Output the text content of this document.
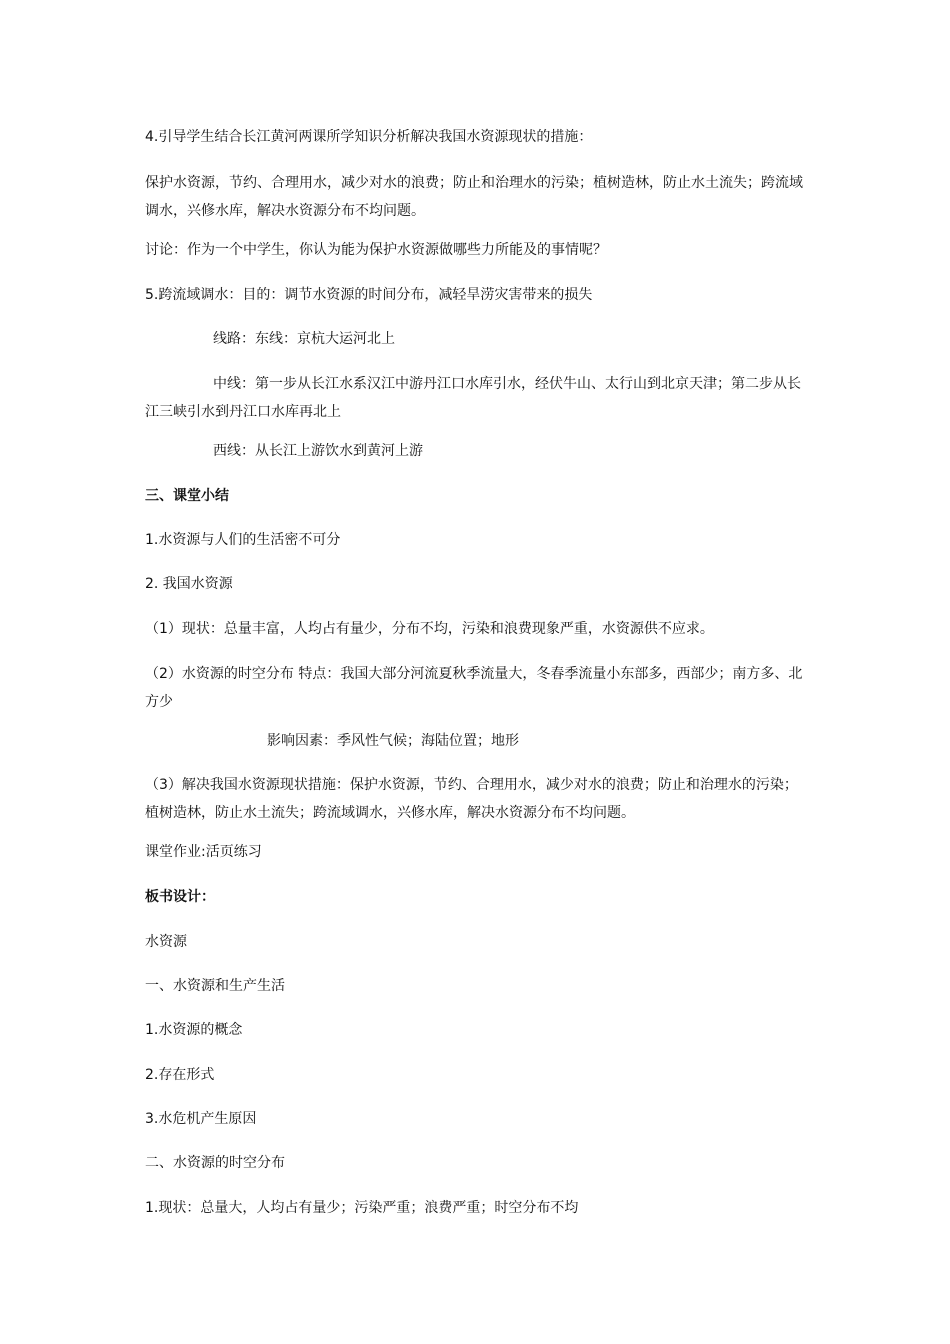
4.引导学生结合长江黄河两课所学知识分析解决我国水资源现状的措施：

保护水资源，节约、合理用水，减少对水的浪费；防止和治理水的污染；植树造林，防止水土流失；跨流域调水，兴修水库，解决水资源分布不均问题。

讨论：作为一个中学生，你认为能为保护水资源做哪些力所能及的事情呢？

5.跨流域调水：目的：调节水资源的时间分布，减轻旱涝灾害带来的损失

线路：东线：京杭大运河北上

中线：第一步从长江水系汉江中游丹江口水库引水，经伏牛山、太行山到北京天津；第二步从长江三峡引水到丹江口水库再北上

西线：从长江上游饮水到黄河上游

三、课堂小结

1.水资源与人们的生活密不可分

2. 我国水资源

（1）现状：总量丰富，人均占有量少，分布不均，污染和浪费现象严重，水资源供不应求。

（2）水资源的时空分布 特点：我国大部分河流夏秋季流量大，冬春季流量小东部多，西部少；南方多、北方少

影响因素：季风性气候；海陆位置；地形

（3）解决我国水资源现状措施：保护水资源，节约、合理用水，减少对水的浪费；防止和治理水的污染；植树造林，防止水土流失；跨流域调水，兴修水库，解决水资源分布不均问题。

课堂作业:活页练习

板书设计：

水资源

一、水资源和生产生活

1.水资源的概念

2.存在形式

3.水危机产生原因

二、水资源的时空分布

1.现状：总量大，人均占有量少；污染严重；浪费严重；时空分布不均
